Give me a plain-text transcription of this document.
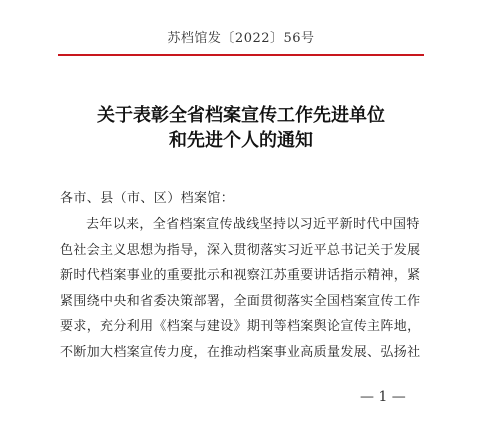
苏档馆发〔2022〕56号
关于表彰全省档案宣传工作先进单位
和先进个人的通知
各市、县（市、区）档案馆：
去年以来，全省档案宣传战线坚持以习近平新时代中国特
色社会主义思想为指导，深入贯彻落实习近平总书记关于发展
新时代档案事业的重要批示和视察江苏重要讲话指示精神，紧
紧围绕中央和省委决策部署，全面贯彻落实全国档案宣传工作
要求，充分利用《档案与建设》期刊等档案舆论宣传主阵地，
不断加大档案宣传力度，在推动档案事业高质量发展、弘扬社
— 1 —
